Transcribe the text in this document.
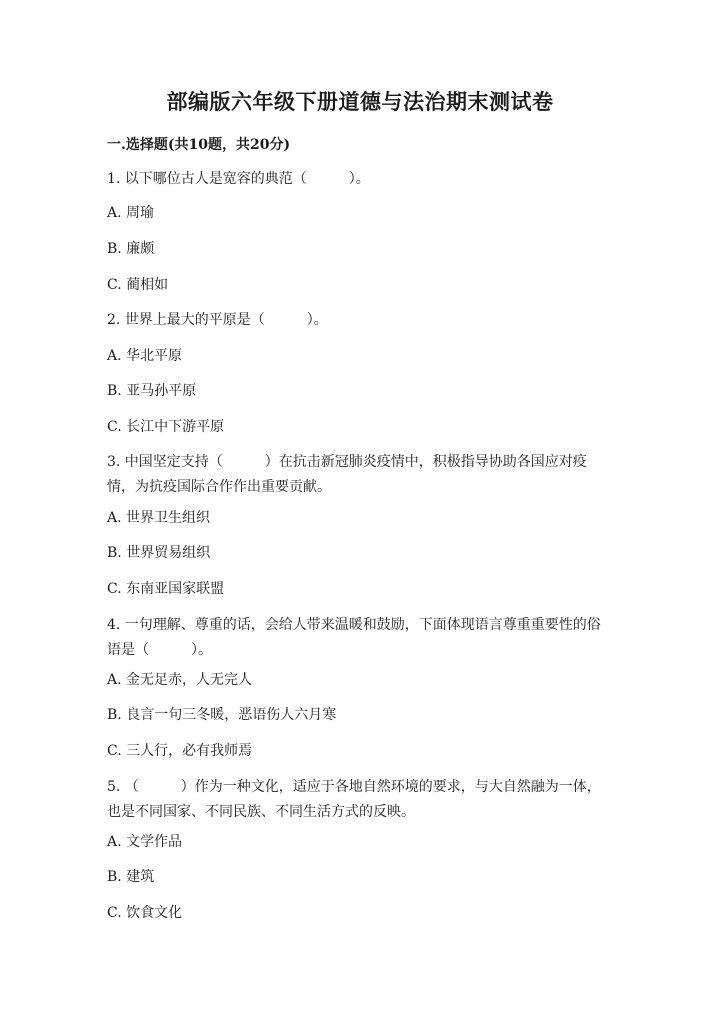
部编版六年级下册道德与法治期末测试卷
一.选择题(共10题，共20分)
1. 以下哪位古人是宽容的典范（　　　）。
A. 周瑜
B. 廉颇
C. 蔺相如
2. 世界上最大的平原是（　　　）。
A. 华北平原
B. 亚马孙平原
C. 长江中下游平原
3. 中国坚定支持（　　　）在抗击新冠肺炎疫情中，积极指导协助各国应对疫情，为抗疫国际合作作出重要贡献。
A. 世界卫生组织
B. 世界贸易组织
C. 东南亚国家联盟
4. 一句理解、尊重的话，会给人带来温暖和鼓励，下面体现语言尊重重要性的俗语是（　　　）。
A. 金无足赤，人无完人
B. 良言一句三冬暖，恶语伤人六月寒
C. 三人行，必有我师焉
5. （　　　）作为一种文化，适应于各地自然环境的要求，与大自然融为一体，也是不同国家、不同民族、不同生活方式的反映。
A. 文学作品
B. 建筑
C. 饮食文化
